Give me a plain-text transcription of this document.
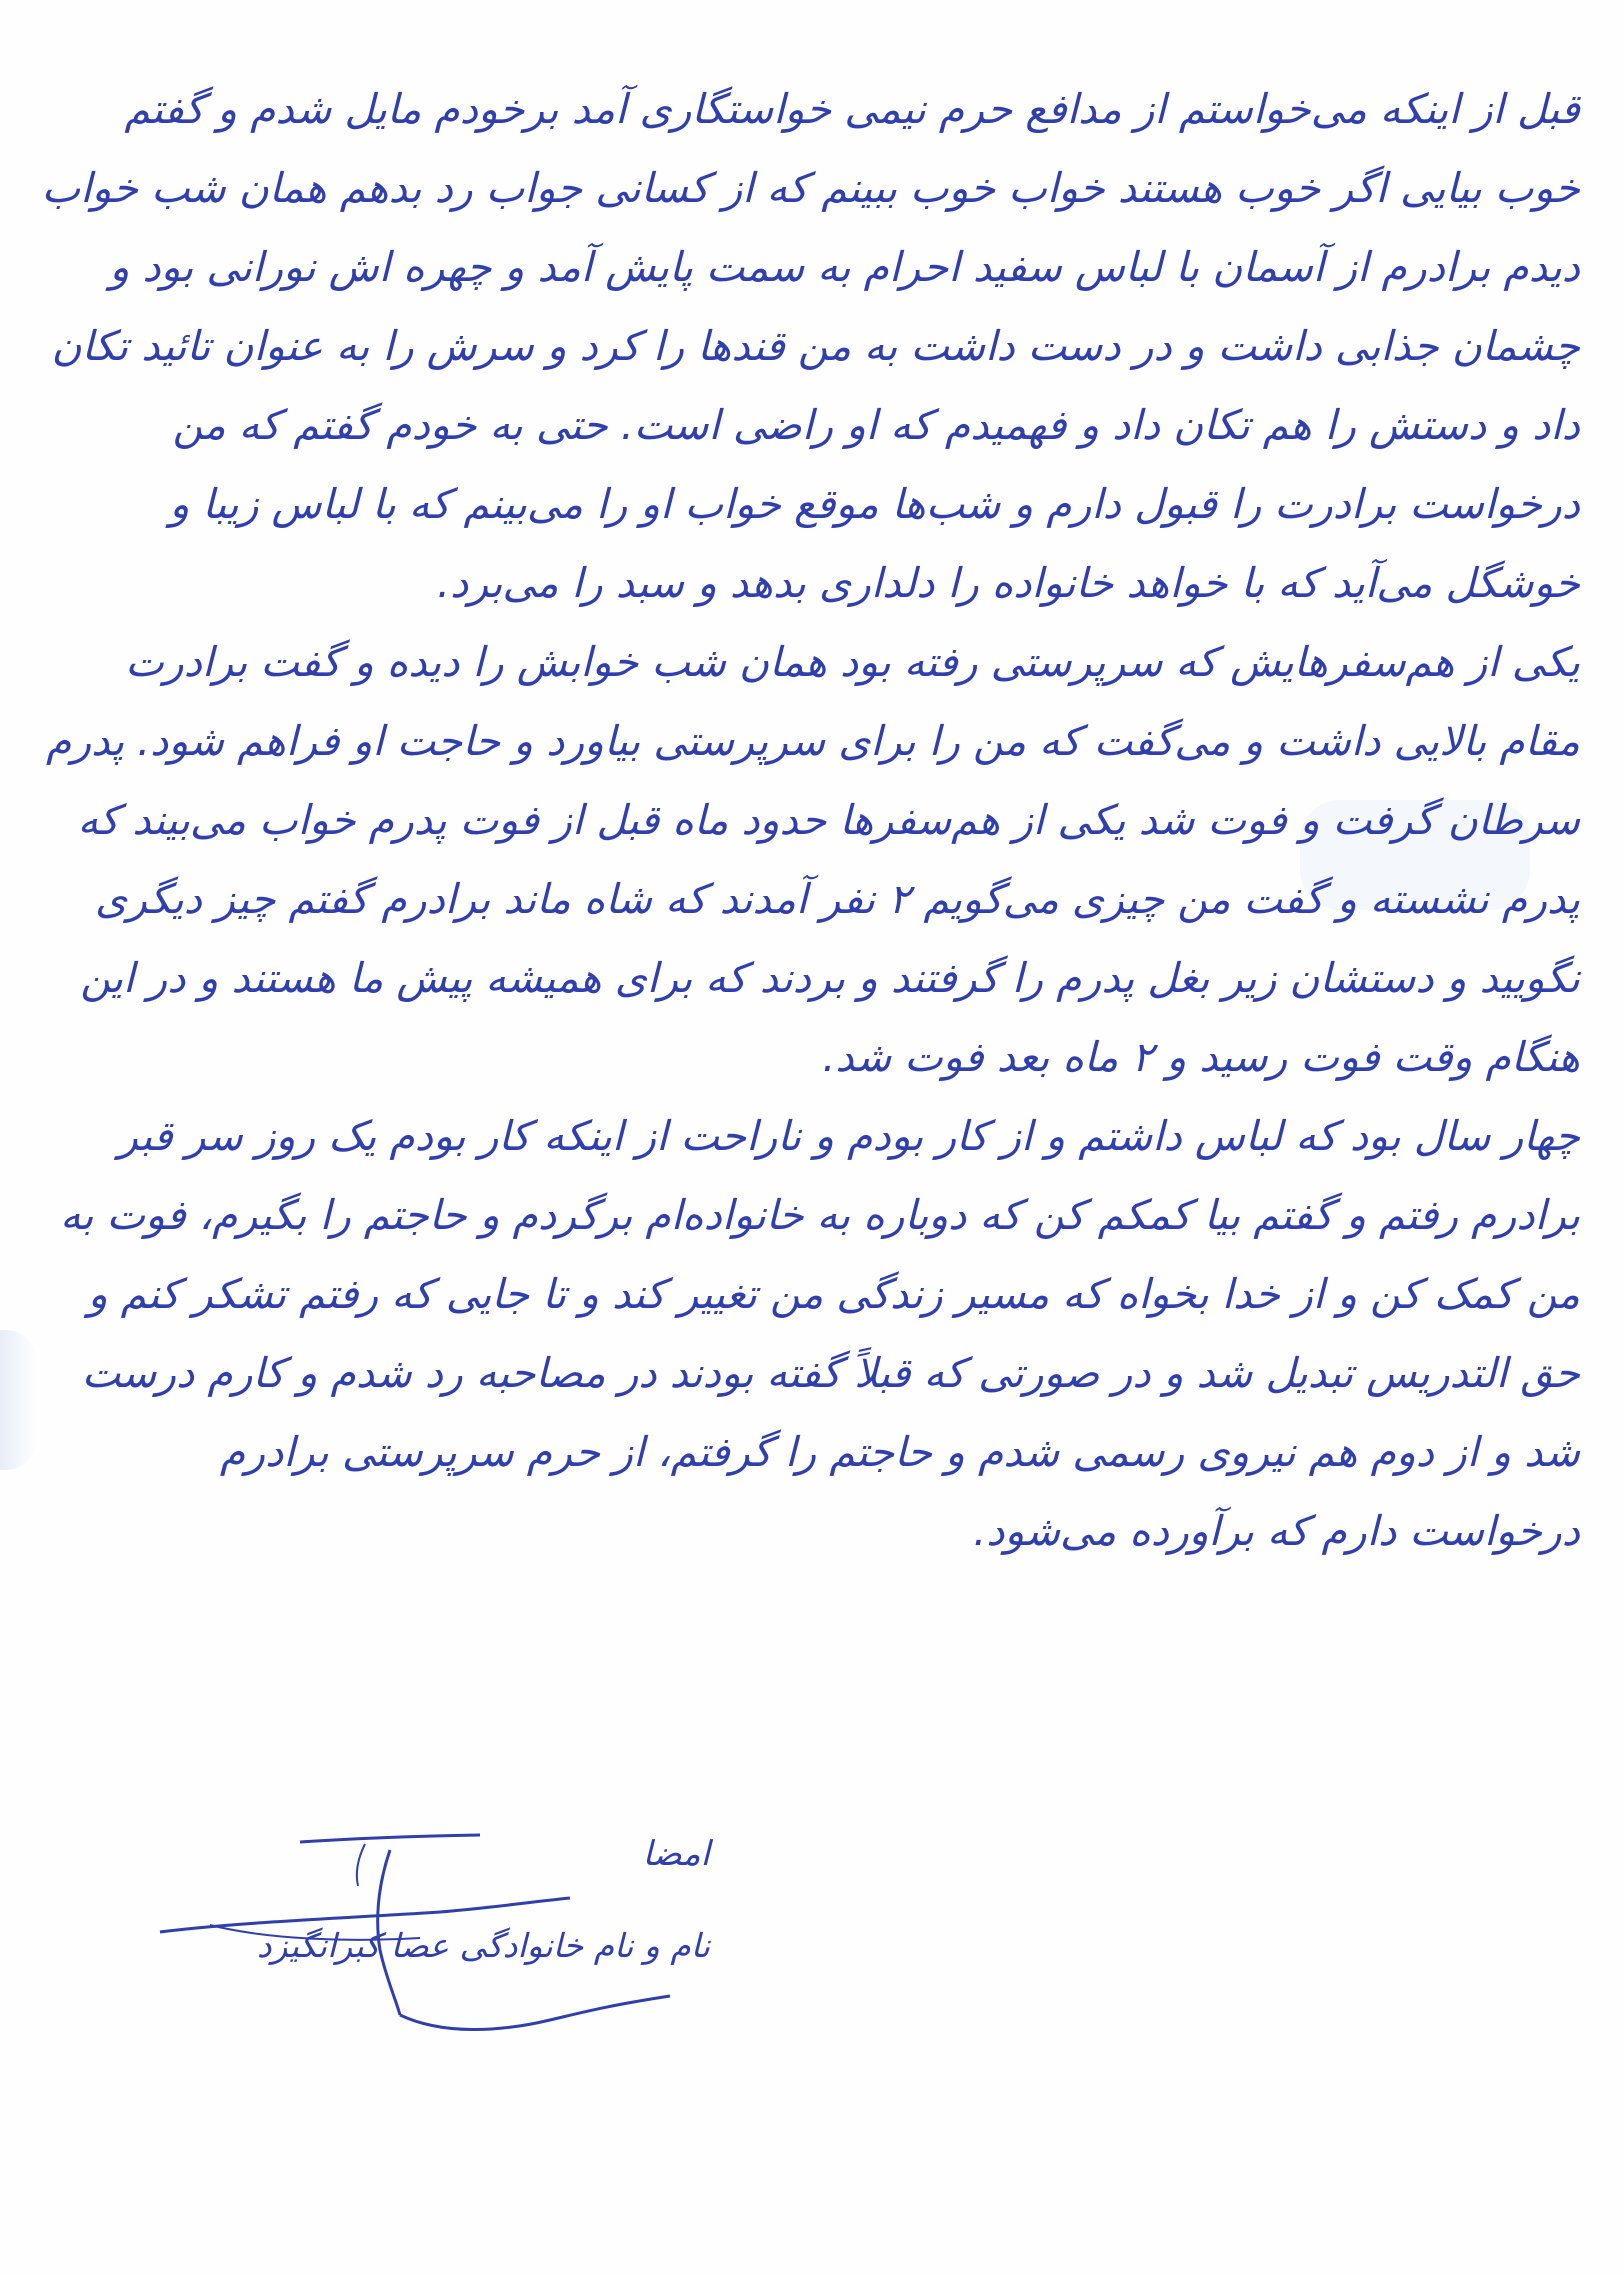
قبل از اینکه می‌خواستم از مدافع حرم نیمی خواستگاری آمد برخودم مایل شدم و گفتم خوب بیایی اگر خوب هستند خواب خوب ببینم که از کسانی جواب رد بدهم همان شب خواب دیدم برادرم از آسمان با لباس سفید احرام به سمت پایش آمد و چهره اش نورانی بود و چشمان جذابی داشت و در دست داشت به من قندها را کرد و سرش را به عنوان تائید تکان داد و دستش را هم تکان داد و فهمیدم که او راضی است. حتی به خودم گفتم که من درخواست برادرت را قبول دارم و شب‌ها موقع خواب او را می‌بینم که با لباس زیبا و خوشگل می‌آید که با خواهد خانواده را دلداری بدهد و سبد را می‌برد.

یکی از هم‌سفرهایش که سرپرستی رفته بود همان شب خوابش را دیده و گفت برادرت مقام بالایی داشت و می‌گفت که من را برای سرپرستی بیاورد و حاجت او فراهم شود. پدرم سرطان گرفت و فوت شد یکی از هم‌سفرها حدود ماه قبل از فوت پدرم خواب می‌بیند که پدرم نشسته و گفت من چیزی می‌گویم ۲ نفر آمدند که شاه ماند برادرم گفتم چیز دیگری نگویید و دستشان زیر بغل پدرم را گرفتند و بردند که برای همیشه پیش ما هستند و در این هنگام وقت فوت رسید و ۲ ماه بعد فوت شد.

چهار سال بود که لباس داشتم و از کار بودم و ناراحت از اینکه کار بودم یک روز سر قبر برادرم رفتم و گفتم بیا کمکم کن که دوباره به خانواده‌ام برگردم و حاجتم را بگیرم، فوت به من کمک کن و از خدا بخواه که مسیر زندگی من تغییر کند و تا جایی که رفتم تشکر کنم و حق التدریس تبدیل شد و در صورتی که قبلاً گفته بودند در مصاحبه رد شدم و کارم درست شد و از دوم هم نیروی رسمی شدم و حاجتم را گرفتم، از حرم سرپرستی برادرم درخواست دارم که برآورده می‌شود.

امضا
نام و نام خانوادگی عصا کبرانگیزد
